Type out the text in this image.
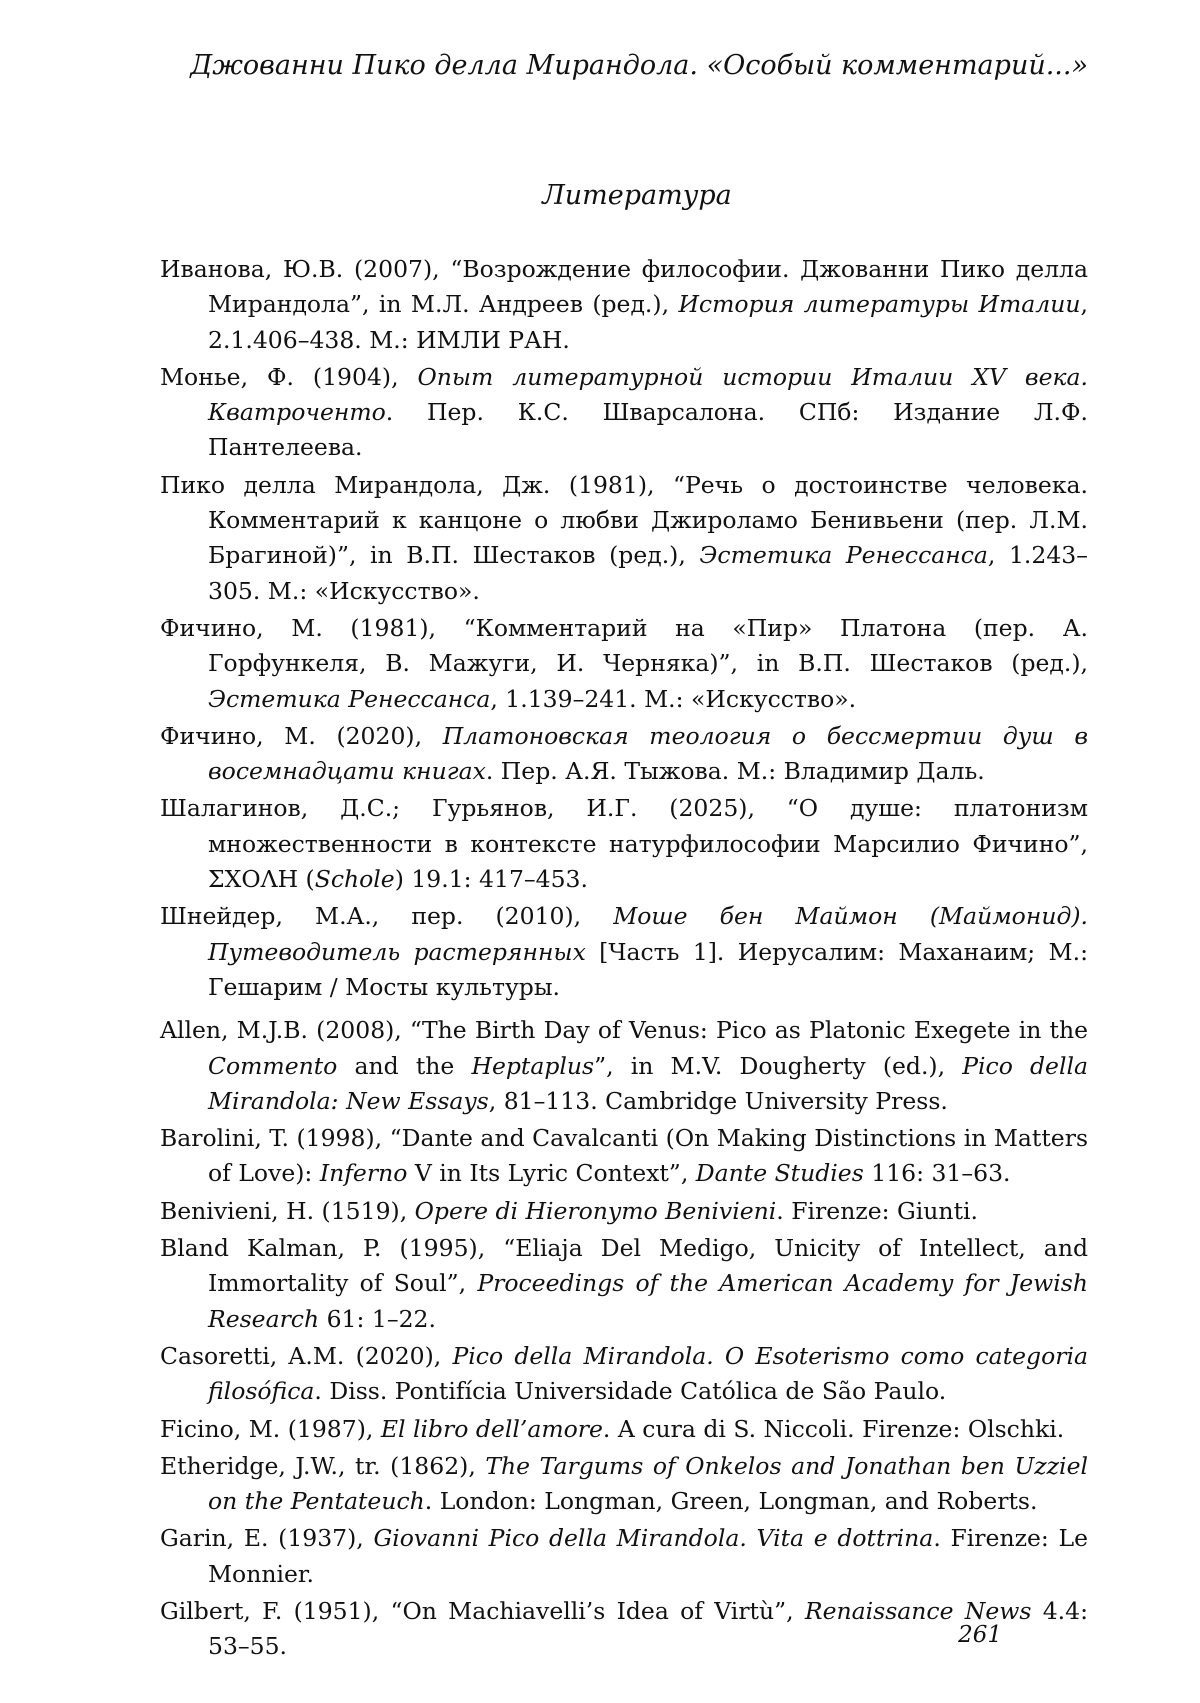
Джованни Пико делла Мирандола. «Особый комментарий...»
Литература

Иванова, Ю.В. (2007), “Возрождение философии. Джованни Пико делла Мирандола”, in М.Л. Андреев (ред.), История литературы Италии, 2.1.406–438. М.: ИМЛИ РАН.

Монье, Ф. (1904), Опыт литературной истории Италии XV века. Кватроченто. Пер. К.С. Шварсалона. СПб: Издание Л.Ф. Пантелеева.

Пико делла Мирандола, Дж. (1981), “Речь о достоинстве человека. Комментарий к канцоне о любви Джироламо Бенивьени (пер. Л.М. Брагиной)”, in В.П. Шестаков (ред.), Эстетика Ренессанса, 1.243–305. М.: «Искусство».

Фичино, М. (1981), “Комментарий на «Пир» Платона (пер. А. Горфункеля, В. Мажуги, И. Черняка)”, in В.П. Шестаков (ред.), Эстетика Ренессанса, 1.139–241. М.: «Искусство».

Фичино, М. (2020), Платоновская теология о бессмертии душ в восемнадцати книгах. Пер. А.Я. Тыжова. М.: Владимир Даль.

Шалагинов, Д.С.; Гурьянов, И.Г. (2025), “О душе: платонизм множественности в контексте натурфилософии Марсилио Фичино”, ΣΧΟΛΗ (Schole) 19.1: 417–453.

Шнейдер, М.А., пер. (2010), Моше бен Маймон (Маймонид). Путеводитель растерянных [Часть 1]. Иерусалим: Маханаим; М.: Гешарим / Мосты культуры.

Allen, M.J.B. (2008), “The Birth Day of Venus: Pico as Platonic Exegete in the Commento and the Heptaplus”, in M.V. Dougherty (ed.), Pico della Mirandola: New Essays, 81–113. Cambridge University Press.

Barolini, T. (1998), “Dante and Cavalcanti (On Making Distinctions in Matters of Love): Inferno V in Its Lyric Context”, Dante Studies 116: 31–63.

Benivieni, H. (1519), Opere di Hieronymo Benivieni. Firenze: Giunti.

Bland Kalman, P. (1995), “Eliaja Del Medigo, Unicity of Intellect, and Immortality of Soul”, Proceedings of the American Academy for Jewish Research 61: 1–22.

Casoretti, A.M. (2020), Pico della Mirandola. O Esoterismo como categoria filosófica. Diss. Pontifícia Universidade Católica de São Paulo.

Ficino, M. (1987), El libro dell’amore. A cura di S. Niccoli. Firenze: Olschki.

Etheridge, J.W., tr. (1862), The Targums of Onkelos and Jonathan ben Uzziel on the Pentateuch. London: Longman, Green, Longman, and Roberts.

Garin, E. (1937), Giovanni Pico della Mirandola. Vita e dottrina. Firenze: Le Monnier.

Gilbert, F. (1951), “On Machiavelli’s Idea of Virtù”, Renaissance News 4.4: 53–55.	261
